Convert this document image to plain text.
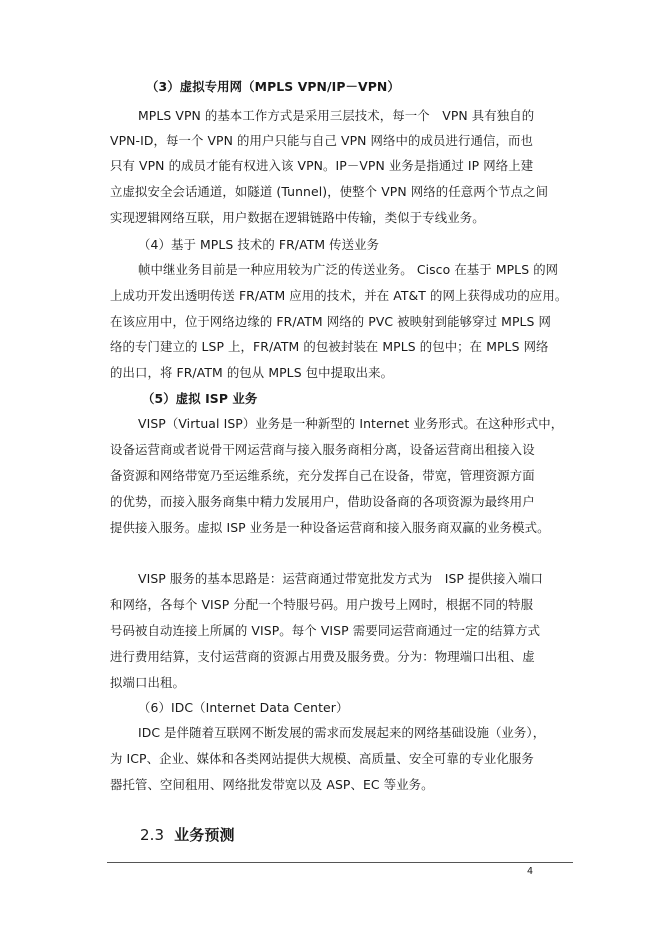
（3）虚拟专用网（MPLS VPN/IP－VPN）
MPLS VPN 的基本工作方式是采用三层技术，每一个　VPN 具有独自的
VPN-ID，每一个 VPN 的用户只能与自己 VPN 网络中的成员进行通信，而也
只有 VPN 的成员才能有权进入该 VPN。IP－VPN 业务是指通过 IP 网络上建
立虚拟安全会话通道，如隧道 (Tunnel)，使整个 VPN 网络的任意两个节点之间
实现逻辑网络互联，用户数据在逻辑链路中传输，类似于专线业务。
（4）基于 MPLS 技术的 FR/ATM 传送业务
帧中继业务目前是一种应用较为广泛的传送业务。 Cisco 在基于 MPLS 的网
上成功开发出透明传送 FR/ATM 应用的技术，并在 AT&T 的网上获得成功的应用。
在该应用中，位于网络边缘的 FR/ATM 网络的 PVC 被映射到能够穿过 MPLS 网
络的专门建立的 LSP 上，FR/ATM 的包被封装在 MPLS 的包中；在 MPLS 网络
的出口，将 FR/ATM 的包从 MPLS 包中提取出来。
（5）虚拟 ISP 业务
VISP（Virtual ISP）业务是一种新型的 Internet 业务形式。在这种形式中，
设备运营商或者说骨干网运营商与接入服务商相分离，设备运营商出租接入设
备资源和网络带宽乃至运维系统，充分发挥自己在设备，带宽，管理资源方面
的优势，而接入服务商集中精力发展用户，借助设备商的各项资源为最终用户
提供接入服务。虚拟 ISP 业务是一种设备运营商和接入服务商双赢的业务模式。
VISP 服务的基本思路是：运营商通过带宽批发方式为　ISP 提供接入端口
和网络，各每个 VISP 分配一个特服号码。用户拨号上网时，根据不同的特服
号码被自动连接上所属的 VISP。每个 VISP 需要同运营商通过一定的结算方式
进行费用结算，支付运营商的资源占用费及服务费。分为：物理端口出租、虚
拟端口出租。
（6）IDC（Internet Data Center）
IDC 是伴随着互联网不断发展的需求而发展起来的网络基础设施（业务），
为 ICP、企业、媒体和各类网站提供大规模、高质量、安全可靠的专业化服务
器托管、空间租用、网络批发带宽以及 ASP、EC 等业务。
2.3 业务预测
4
